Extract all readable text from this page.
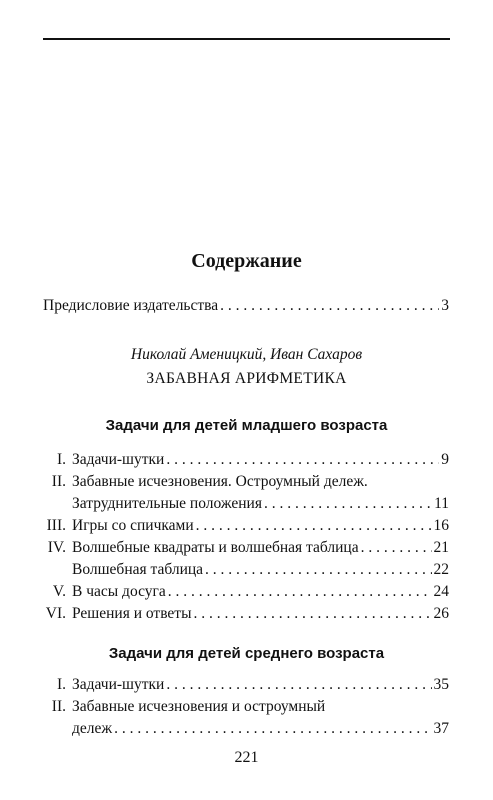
Содержание
Предисловие издательства . . .	3
Николай Аменицкий, Иван Сахаров
ЗАБАВНАЯ АРИФМЕТИКА
Задачи для детей младшего возраста
I. Задачи-шутки . . .	9
II. Забавные исчезновения. Остроумный дележ.
Затруднительные положения . . .	11
III. Игры со спичками . . .	16
IV. Волшебные квадраты и волшебная таблица . . .	21
Волшебная таблица . . .	22
V. В часы досуга . . .	24
VI. Решения и ответы . . .	26
Задачи для детей среднего возраста
I. Задачи-шутки . . .	35
II. Забавные исчезновения и остроумный
дележ . . .	37
221
